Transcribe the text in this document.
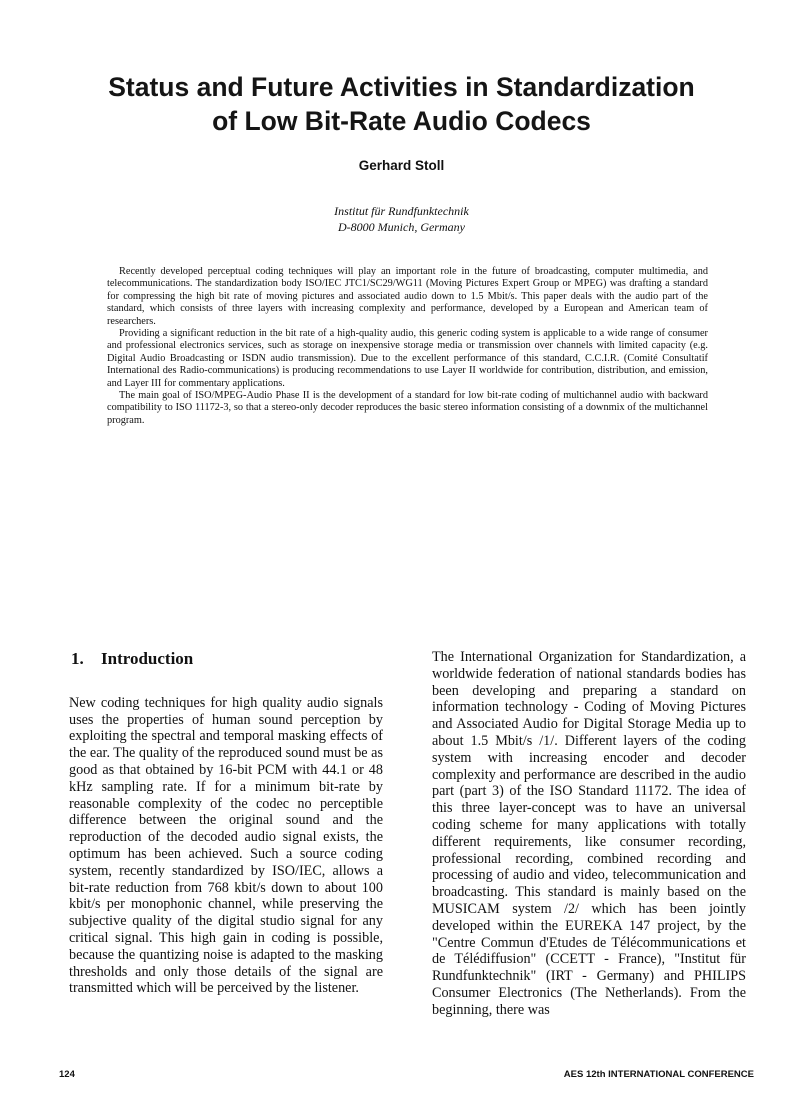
Status and Future Activities in Standardization
of Low Bit-Rate Audio Codecs
Gerhard Stoll
Institut für Rundfunktechnik
D-8000 Munich, Germany

Recently developed perceptual coding techniques will play an important role in the future of broadcasting, computer multimedia, and telecommunications. The standardization body ISO/IEC JTC1/SC29/WG11 (Moving Pictures Expert Group or MPEG) was drafting a standard for compressing the high bit rate of moving pictures and associated audio down to 1.5 Mbit/s. This paper deals with the audio part of the standard, which consists of three layers with increasing complexity and performance, developed by a European and American team of researchers.

Providing a significant reduction in the bit rate of a high-quality audio, this generic coding system is applicable to a wide range of consumer and professional electronics services, such as storage on inexpensive storage media or transmission over channels with limited capacity (e.g. Digital Audio Broadcasting or ISDN audio transmission). Due to the excellent performance of this standard, C.C.I.R. (Comité Consultatif International des Radio-communications) is producing recommendations to use Layer II worldwide for contribution, distribution, and emission, and Layer III for commentary applications.

The main goal of ISO/MPEG-Audio Phase II is the development of a standard for low bit-rate coding of multichannel audio with backward compatibility to ISO 11172-3, so that a stereo-only decoder reproduces the basic stereo information consisting of a downmix of the multichannel program.

1. Introduction

New coding techniques for high quality audio signals uses the properties of human sound perception by exploiting the spectral and temporal masking effects of the ear. The quality of the reproduced sound must be as good as that obtained by 16-bit PCM with 44.1 or 48 kHz sampling rate. If for a minimum bit-rate by reasonable complexity of the codec no perceptible difference between the original sound and the reproduction of the decoded audio signal exists, the optimum has been achieved. Such a source coding system, recently standardized by ISO/IEC, allows a bit-rate reduction from 768 kbit/s down to about 100 kbit/s per monophonic channel, while preserving the subjective quality of the digital studio signal for any critical signal. This high gain in coding is possible, because the quantizing noise is adapted to the masking thresholds and only those details of the signal are transmitted which will be perceived by the listener.

The International Organization for Standardization, a worldwide federation of national standards bodies has been developing and preparing a standard on information technology - Coding of Moving Pictures and Associated Audio for Digital Storage Media up to about 1.5 Mbit/s /1/. Different layers of the coding system with increasing encoder and decoder complexity and performance are described in the audio part (part 3) of the ISO Standard 11172. The idea of this three layer-concept was to have an universal coding scheme for many applications with totally different requirements, like consumer recording, professional recording, combined recording and processing of audio and video, telecommunication and broadcasting. This standard is mainly based on the MUSICAM system /2/ which has been jointly developed within the EUREKA 147 project, by the "Centre Commun d'Etudes de Télécommunications et de Télédiffusion" (CCETT - France), "Institut für Rundfunktechnik" (IRT - Germany) and PHILIPS Consumer Electronics (The Netherlands). From the beginning, there was

124	AES 12th INTERNATIONAL CONFERENCE
